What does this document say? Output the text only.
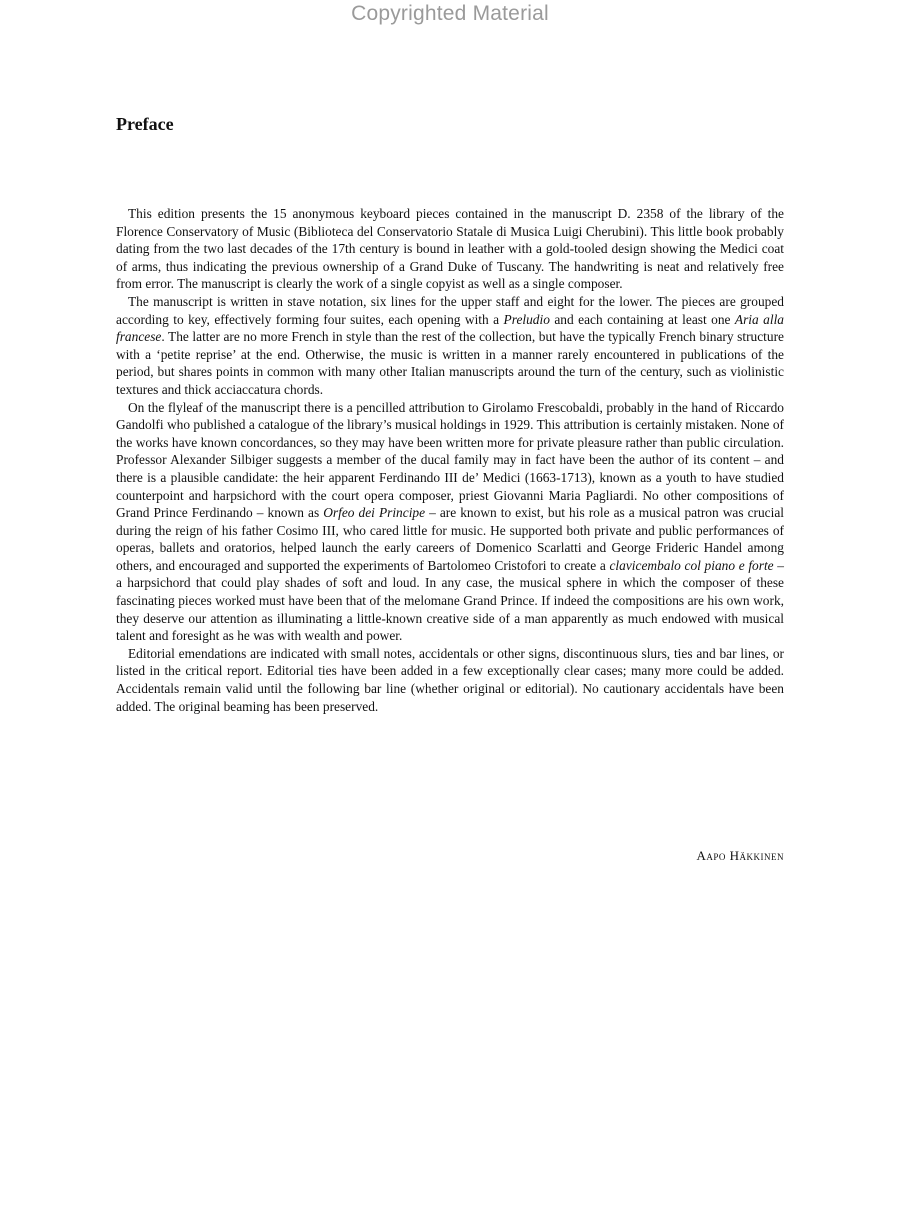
Copyrighted Material
Preface

This edition presents the 15 anonymous keyboard pieces contained in the manuscript D. 2358 of the library of the Florence Conservatory of Music (Biblioteca del Conservatorio Statale di Musica Luigi Cherubini). This little book probably dating from the two last decades of the 17th century is bound in leather with a gold-tooled design showing the Medici coat of arms, thus indicating the previous ownership of a Grand Duke of Tuscany. The handwriting is neat and relatively free from error. The manuscript is clearly the work of a single copyist as well as a single composer.

The manuscript is written in stave notation, six lines for the upper staff and eight for the lower. The pieces are grouped according to key, effectively forming four suites, each opening with a Preludio and each containing at least one Aria alla francese. The latter are no more French in style than the rest of the collection, but have the typically French binary structure with a ‘petite reprise’ at the end. Otherwise, the music is written in a manner rarely encountered in publications of the period, but shares points in common with many other Italian manuscripts around the turn of the century, such as violinistic textures and thick acciaccatura chords.

On the flyleaf of the manuscript there is a pencilled attribution to Girolamo Frescobaldi, probably in the hand of Riccardo Gandolfi who published a catalogue of the library’s musical holdings in 1929. This attribution is certainly mistaken. None of the works have known concordances, so they may have been written more for private pleasure rather than public circulation. Professor Alexander Silbiger suggests a member of the ducal family may in fact have been the author of its content – and there is a plausible candidate: the heir apparent Ferdinando III de’ Medici (1663-1713), known as a youth to have studied counterpoint and harpsichord with the court opera composer, priest Giovanni Maria Pagliardi. No other compositions of Grand Prince Ferdinando – known as Orfeo dei Principe – are known to exist, but his role as a musical patron was crucial during the reign of his father Cosimo III, who cared little for music. He supported both private and public performances of operas, ballets and oratorios, helped launch the early careers of Domenico Scarlatti and George Frideric Handel among others, and encouraged and supported the experiments of Bartolomeo Cristofori to create a clavicembalo col piano e forte – a harpsichord that could play shades of soft and loud. In any case, the musical sphere in which the composer of these fascinating pieces worked must have been that of the melomane Grand Prince. If indeed the compositions are his own work, they deserve our attention as illuminating a little-known creative side of a man apparently as much endowed with musical talent and foresight as he was with wealth and power.

Editorial emendations are indicated with small notes, accidentals or other signs, discontinuous slurs, ties and bar lines, or listed in the critical report. Editorial ties have been added in a few exceptionally clear cases; many more could be added. Accidentals remain valid until the following bar line (whether original or editorial). No cautionary accidentals have been added. The original beaming has been preserved.

Aapo Häkkinen
